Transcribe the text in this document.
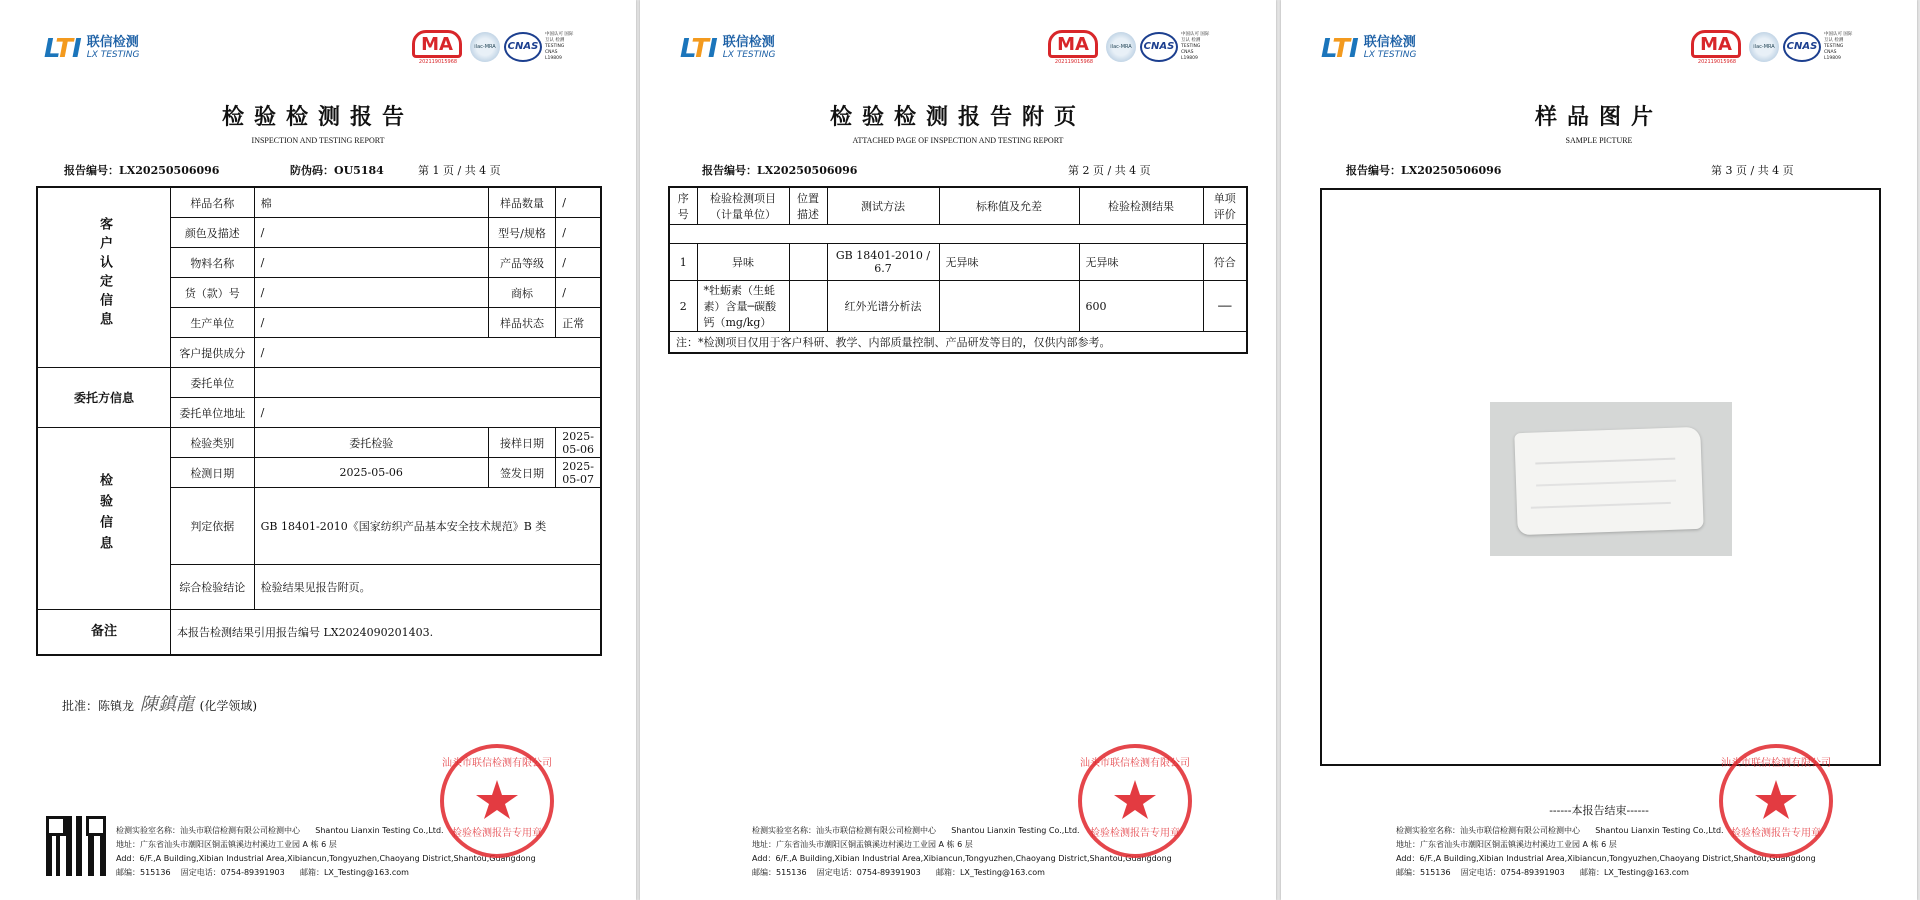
LTI 联信检测
LX TESTING	MA
202119015968
ilac-MRA	CNAS
中国认可 国际互认 检测 TESTING CNAS L19809
检验检测报告
INSPECTION AND TESTING REPORT
报告编号：LX20250506096	防伪码：OU5184	第 1 页 / 共 4 页
客户认定信息	样品名称	棉	样品数量	/
	颜色及描述	/	型号/规格	/
	物料名称	/	产品等级	/
	货（款）号	/	商标	/
	生产单位	/	样品状态	正常
	客户提供成分	/		
委托方信息	委托单位			
	委托单位地址	/		
检验信息	检验类别	委托检验	接样日期	2025-05-06
	检测日期	2025-05-06	签发日期	2025-05-07
	判定依据	GB 18401-2010《国家纺织产品基本安全技术规范》B 类		
	综合检验结论	检验结果见报告附页。		
备注	本报告检测结果引用报告编号 LX2024090201403.			
批准：陈镇龙 陳鎮龍 (化学领域)
检测实验室名称：汕头市联信检测有限公司检测中心 Shantou Lianxin Testing Co.,Ltd.
地址：广东省汕头市潮阳区铜盂镇溪边村溪边工业园 A 栋 6 层
Add：6/F.,A Building,Xibian Industrial Area,Xibiancun,Tongyuzhen,Chaoyang District,Shantou,Guangdong
邮编：515136 固定电话：0754-89391903 邮箱：LX_Testing@163.com
检验检测报告专用章
汕头市联信检测有限公司
LTI 联信检测
LX TESTING	MA
202119015968
ilac-MRA	CNAS
中国认可 国际互认 检测 TESTING CNAS L19809
检验检测报告附页
ATTACHED PAGE OF INSPECTION AND TESTING REPORT
报告编号：LX20250506096	第 2 页 / 共 4 页
序号	检验检测项目（计量单位）	位置描述	测试方法	标称值及允差	检验检测结果	单项评价

1	异味		GB 18401-2010 / 6.7	无异味	无异味	符合
2	*牡蛎素（生蚝素）含量─碳酸钙（mg/kg）		红外光谱分析法		600	──
注：*检测项目仅用于客户科研、教学、内部质量控制、产品研发等目的，仅供内部参考。						
检测实验室名称：汕头市联信检测有限公司检测中心 Shantou Lianxin Testing Co.,Ltd.
地址：广东省汕头市潮阳区铜盂镇溪边村溪边工业园 A 栋 6 层
Add：6/F.,A Building,Xibian Industrial Area,Xibiancun,Tongyuzhen,Chaoyang District,Shantou,Guangdong
邮编：515136 固定电话：0754-89391903 邮箱：LX_Testing@163.com
检验检测报告专用章
汕头市联信检测有限公司
LTI 联信检测
LX TESTING	MA
202119015968
ilac-MRA	CNAS
中国认可 国际互认 检测 TESTING CNAS L19809
样品图片
SAMPLE PICTURE
报告编号：LX20250506096	第 3 页 / 共 4 页
------本报告结束------
检测实验室名称：汕头市联信检测有限公司检测中心 Shantou Lianxin Testing Co.,Ltd.
地址：广东省汕头市潮阳区铜盂镇溪边村溪边工业园 A 栋 6 层
Add：6/F.,A Building,Xibian Industrial Area,Xibiancun,Tongyuzhen,Chaoyang District,Shantou,Guangdong
邮编：515136 固定电话：0754-89391903 邮箱：LX_Testing@163.com
检验检测报告专用章
汕头市联信检测有限公司
